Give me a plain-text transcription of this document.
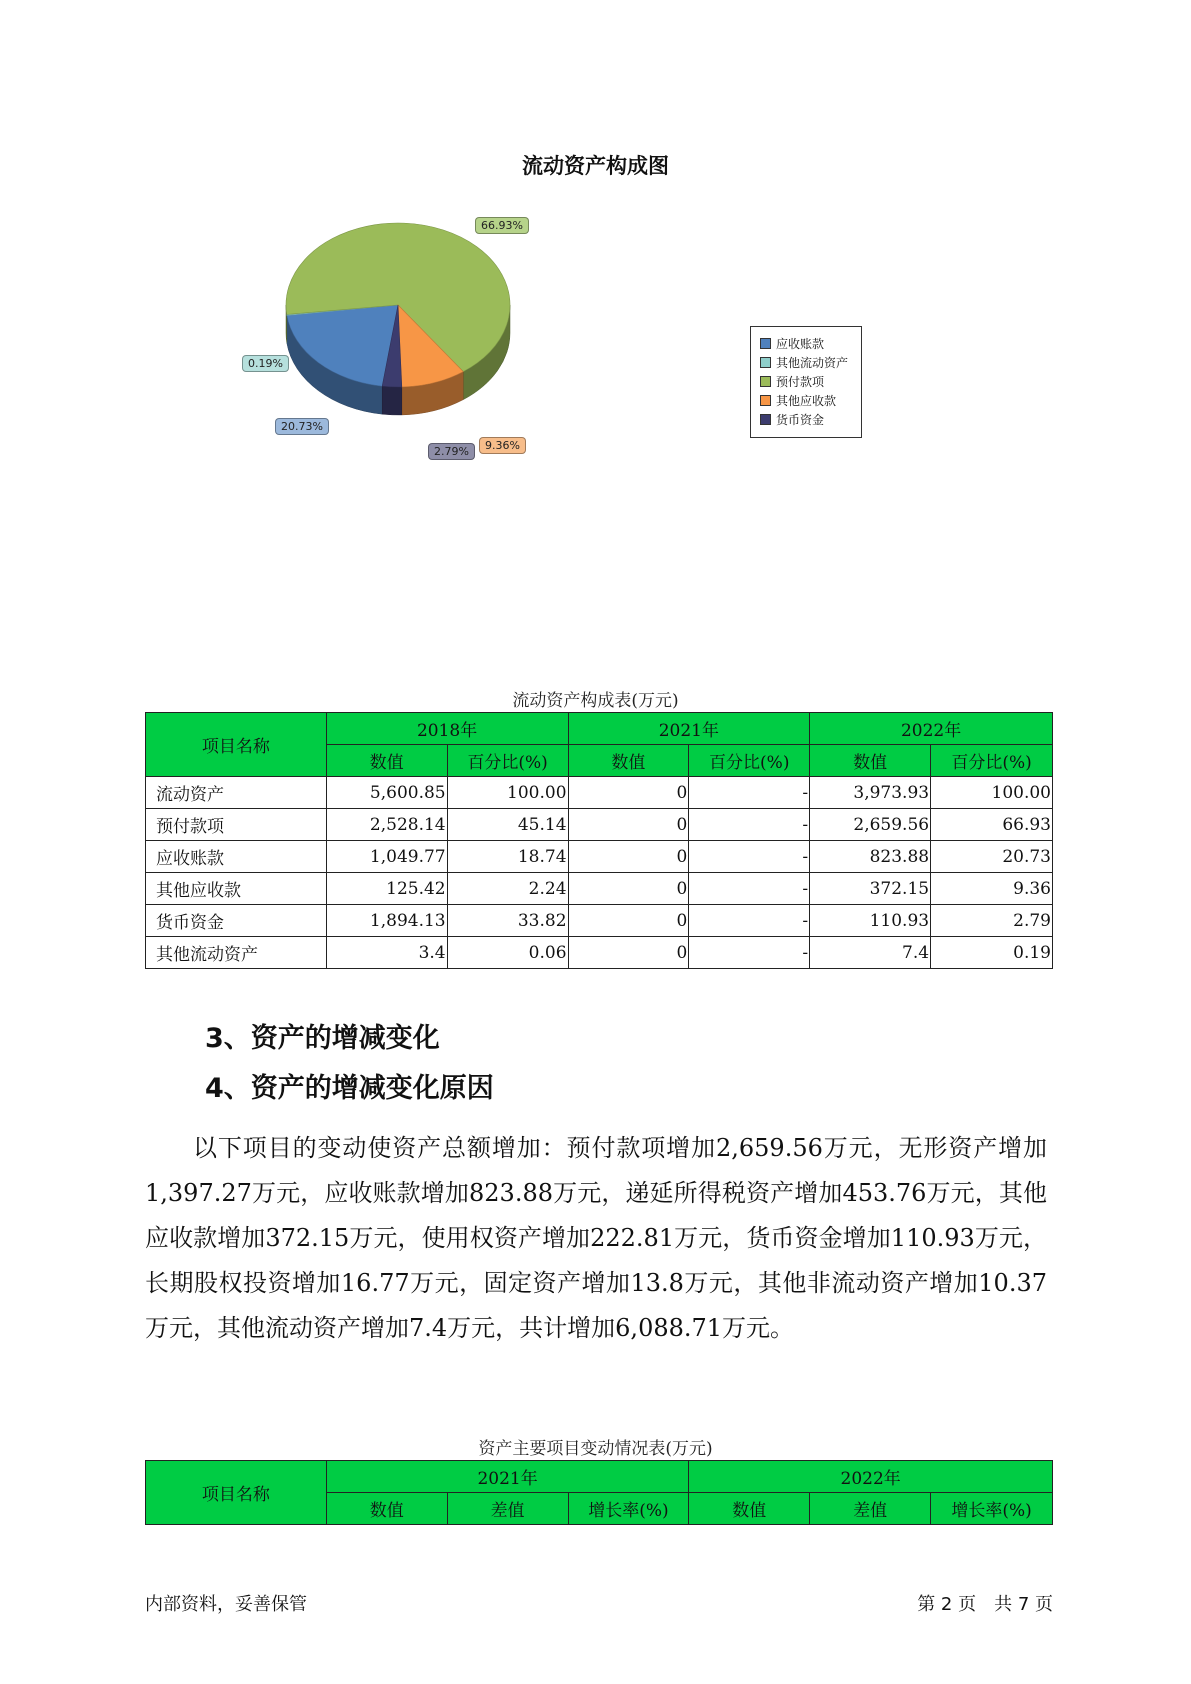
流动资产构成图
66.93%
0.19%
20.73%
2.79%	9.36%
应收账款
其他流动资产
预付款项
其他应收款
货币资金
流动资产构成表(万元)
项目名称	2018年		2021年		2022年	
	数值	百分比(%)	数值	百分比(%)	数值	百分比(%)
流动资产	5,600.85	100.00	0	-	3,973.93	100.00
预付款项	2,528.14	45.14	0	-	2,659.56	66.93
应收账款	1,049.77	18.74	0	-	823.88	20.73
其他应收款	125.42	2.24	0	-	372.15	9.36
货币资金	1,894.13	33.82	0	-	110.93	2.79
其他流动资产	3.4	0.06	0	-	7.4	0.19
3、资产的增减变化
4、资产的增减变化原因

以下项目的变动使资产总额增加：预付款项增加2,659.56万元，无形资产增加1,397.27万元，应收账款增加823.88万元，递延所得税资产增加453.76万元，其他应收款增加372.15万元，使用权资产增加222.81万元，货币资金增加110.93万元，长期股权投资增加16.77万元，固定资产增加13.8万元，其他非流动资产增加10.37万元，其他流动资产增加7.4万元，共计增加6,088.71万元。

资产主要项目变动情况表(万元)
项目名称	2021年			2022年		
	数值	差值	增长率(%)	数值	差值	增长率(%)
内部资料，妥善保管	第 2 页　共 7 页
